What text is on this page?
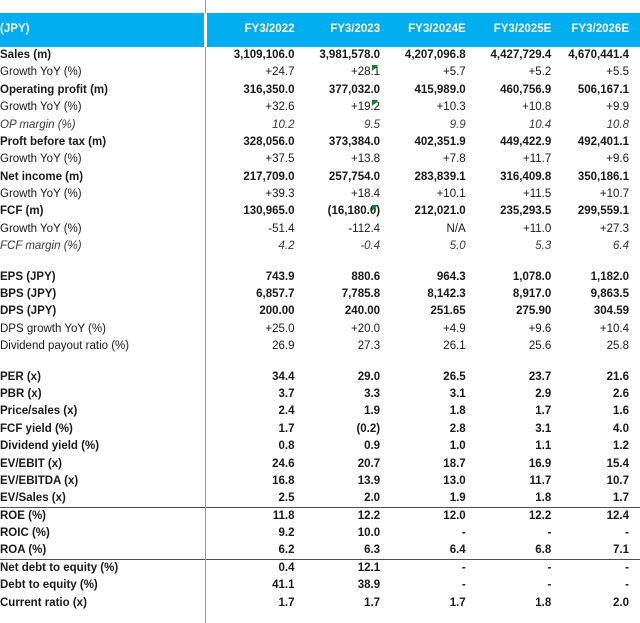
(JPY)	FY3/2022	FY3/2023	FY3/2024E	FY3/2025E	FY3/2026E
Sales (m)	3,109,106.0	3,981,578.0	4,207,096.8	4,427,729.4	4,670,441.4
Growth YoY (%)	+24.7	+28.1	+5.7	+5.2	+5.5
Operating profit (m)	316,350.0	377,032.0	415,989.0	460,756.9	506,167.1
Growth YoY (%)	+32.6	+19.2	+10.3	+10.8	+9.9
OP margin (%)	10.2	9.5	9.9	10.4	10.8
Proft before tax (m)	328,056.0	373,384.0	402,351.9	449,422.9	492,401.1
Growth YoY (%)	+37.5	+13.8	+7.8	+11.7	+9.6
Net income (m)	217,709.0	257,754.0	283,839.1	316,409.8	350,186.1
Growth YoY (%)	+39.3	+18.4	+10.1	+11.5	+10.7
FCF (m)	130,965.0	(16,180.0)	212,021.0	235,293.5	299,559.1
Growth YoY (%)	-51.4	-112.4	N/A	+11.0	+27.3
FCF margin (%)	4.2	-0.4	5.0	5.3	6.4

EPS (JPY)	743.9	880.6	964.3	1,078.0	1,182.0
BPS (JPY)	6,857.7	7,785.8	8,142.3	8,917.0	9,863.5
DPS (JPY)	200.00	240.00	251.65	275.90	304.59
DPS growth YoY (%)	+25.0	+20.0	+4.9	+9.6	+10.4
Dividend payout ratio (%)	26.9	27.3	26.1	25.6	25.8

PER (x)	34.4	29.0	26.5	23.7	21.6
PBR (x)	3.7	3.3	3.1	2.9	2.6
Price/sales (x)	2.4	1.9	1.8	1.7	1.6
FCF yield (%)	1.7	(0.2)	2.8	3.1	4.0
Dividend yield (%)	0.8	0.9	1.0	1.1	1.2
EV/EBIT (x)	24.6	20.7	18.7	16.9	15.4
EV/EBITDA (x)	16.8	13.9	13.0	11.7	10.7
EV/Sales (x)	2.5	2.0	1.9	1.8	1.7
ROE (%)	11.8	12.2	12.0	12.2	12.4
ROIC (%)	9.2	10.0	-	-	-
ROA (%)	6.2	6.3	6.4	6.8	7.1
Net debt to equity (%)	0.4	12.1	-	-	-
Debt to equity (%)	41.1	38.9	-	-	-
Current ratio (x)	1.7	1.7	1.7	1.8	2.0
